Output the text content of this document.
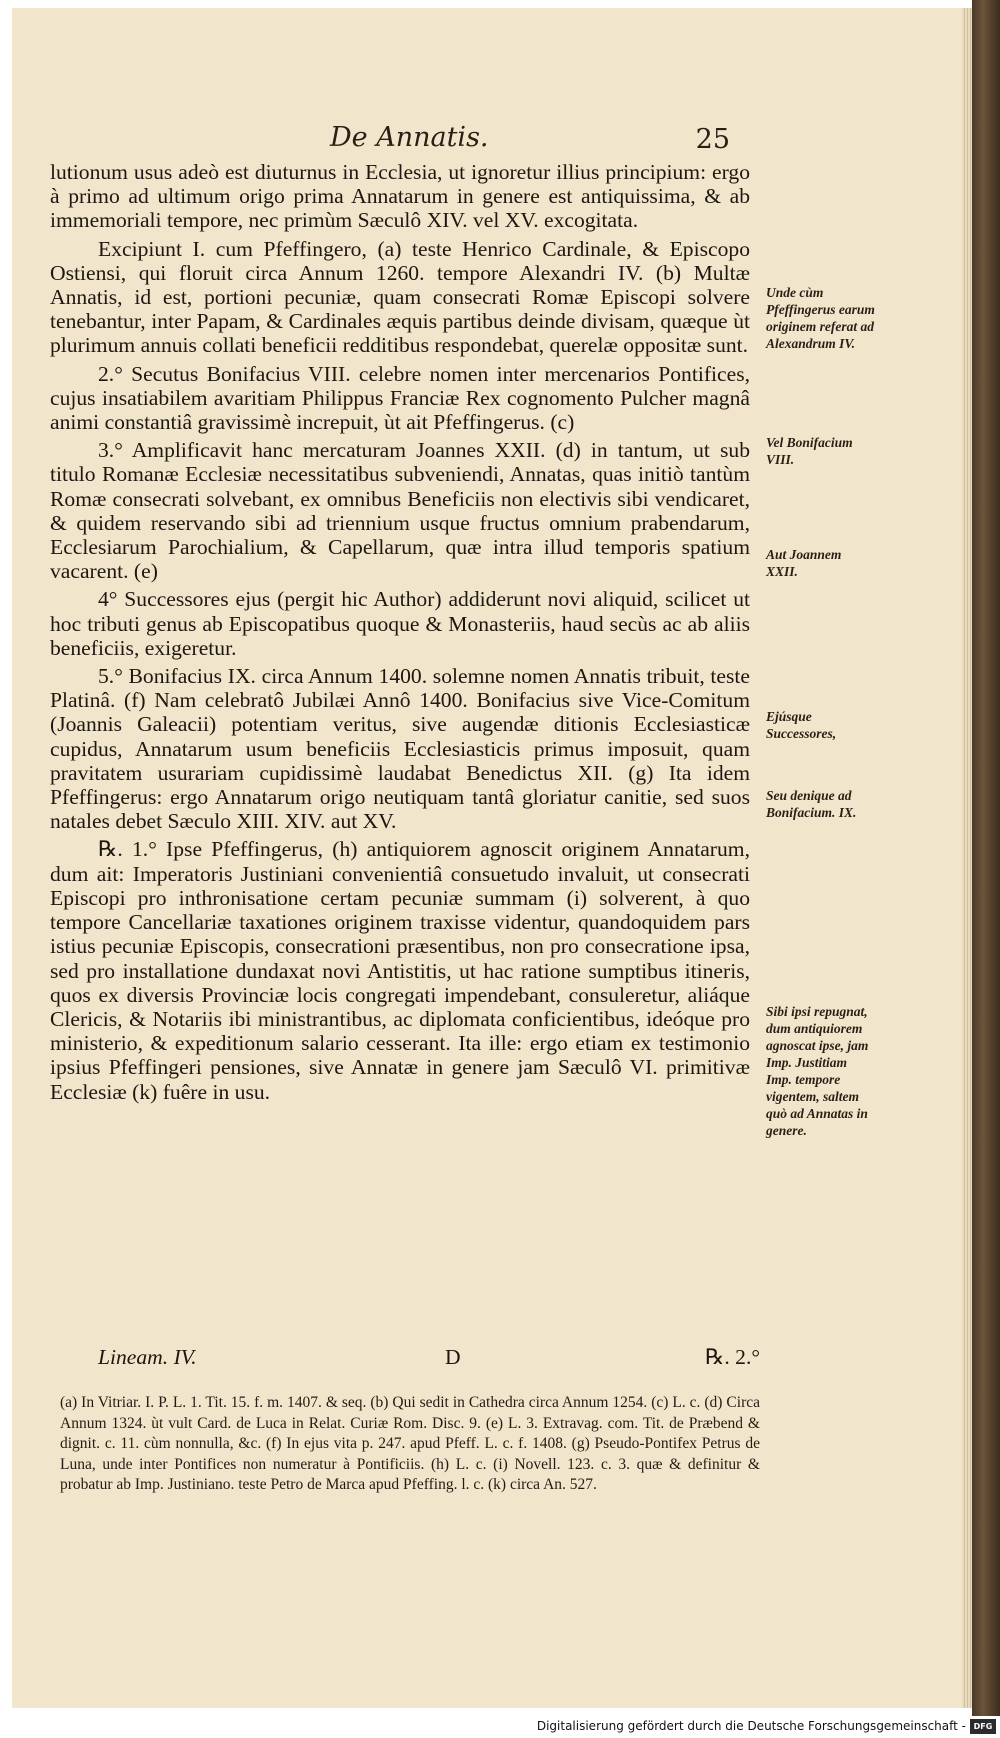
De Annatis.	25

lutionum usus adeò est diuturnus in Ecclesia, ut ignoretur illius principium: ergo à primo ad ultimum origo prima Annatarum in genere est antiquissima, & ab immemoriali tempore, nec primùm Sæculô XIV. vel XV. excogitata.

Excipiunt I. cum Pfeffingero, (a) teste Henrico Cardinale, & Episcopo Ostiensi, qui floruit circa Annum 1260. tempore Alexandri IV. (b) Multæ Annatis, id est, portioni pecuniæ, quam consecrati Romæ Episcopi solvere tenebantur, inter Papam, & Cardinales æquis partibus deinde divisam, quæque ùt plurimum annuis collati beneficii redditibus respondebat, querelæ oppositæ sunt.

2.° Secutus Bonifacius VIII. celebre nomen inter mercenarios Pontifices, cujus insatiabilem avaritiam Philippus Franciæ Rex cognomento Pulcher magnâ animi constantiâ gravissimè increpuit, ùt ait Pfeffingerus. (c)

3.° Amplificavit hanc mercaturam Joannes XXII. (d) in tantum, ut sub titulo Romanæ Ecclesiæ necessitatibus subveniendi, Annatas, quas initiò tantùm Romæ consecrati solvebant, ex omnibus Beneficiis non electivis sibi vendicaret, & quidem reservando sibi ad triennium usque fructus omnium prabendarum, Ecclesiarum Parochialium, & Capellarum, quæ intra illud temporis spatium vacarent. (e)

4° Successores ejus (pergit hic Author) addiderunt novi aliquid, scilicet ut hoc tributi genus ab Episcopatibus quoque & Monasteriis, haud secùs ac ab aliis beneficiis, exigeretur.

5.° Bonifacius IX. circa Annum 1400. solemne nomen Annatis tribuit, teste Platinâ. (f) Nam celebratô Jubilæi Annô 1400. Bonifacius sive Vice-Comitum (Joannis Galeacii) potentiam veritus, sive augendæ ditionis Ecclesiasticæ cupidus, Annatarum usum beneficiis Ecclesiasticis primus imposuit, quam pravitatem usurariam cupidissimè laudabat Benedictus XII. (g) Ita idem Pfeffingerus: ergo Annatarum origo neutiquam tantâ gloriatur canitie, sed suos natales debet Sæculo XIII. XIV. aut XV.

℞. 1.° Ipse Pfeffingerus, (h) antiquiorem agnoscit originem Annatarum, dum ait: Imperatoris Justiniani convenientiâ consuetudo invaluit, ut consecrati Episcopi pro inthronisatione certam pecuniæ summam (i) solverent, à quo tempore Cancellariæ taxationes originem traxisse videntur, quandoquidem pars istius pecuniæ Episcopis, consecrationi præsentibus, non pro consecratione ipsa, sed pro installatione dundaxat novi Antistitis, ut hac ratione sumptibus itineris, quos ex diversis Provinciæ locis congregati impendebant, consuleretur, aliáque Clericis, & Notariis ibi ministrantibus, ac diplomata conficientibus, ideóque pro ministerio, & expeditionum salario cesserant. Ita ille: ergo etiam ex testimonio ipsius Pfeffingeri pensiones, sive Annatæ in genere jam Sæculô VI. primitivæ Ecclesiæ (k) fuêre in usu.

Unde cùm Pfeffingerus earum originem referat ad Alexandrum IV.
Vel Bonifacium VIII.
Aut Joannem XXII.
Ejúsque Successores,
Seu denique ad Bonifacium. IX.
Sibi ipsi repugnat, dum antiquiorem agnoscat ipse, jam Imp. Justitiam Imp. tempore vigentem, saltem quò ad Annatas in genere.
Lineam. IV.	D	℞. 2.°

(a) In Vitriar. I. P. L. 1. Tit. 15. f. m. 1407. & seq. (b) Qui sedit in Cathedra circa Annum 1254. (c) L. c. (d) Circa Annum 1324. ùt vult Card. de Luca in Relat. Curiæ Rom. Disc. 9. (e) L. 3. Extravag. com. Tit. de Præbend & dignit. c. 11. cùm nonnulla, &c. (f) In ejus vita p. 247. apud Pfeff. L. c. f. 1408. (g) Pseudo-Pontifex Petrus de Luna, unde inter Pontifices non numeratur à Pontificiis. (h) L. c. (i) Novell. 123. c. 3. quæ & definitur & probatur ab Imp. Justiniano. teste Petro de Marca apud Pfeffing. l. c. (k) circa An. 527.

Digitalisierung gefördert durch die Deutsche Forschungsgemeinschaft - DFG
